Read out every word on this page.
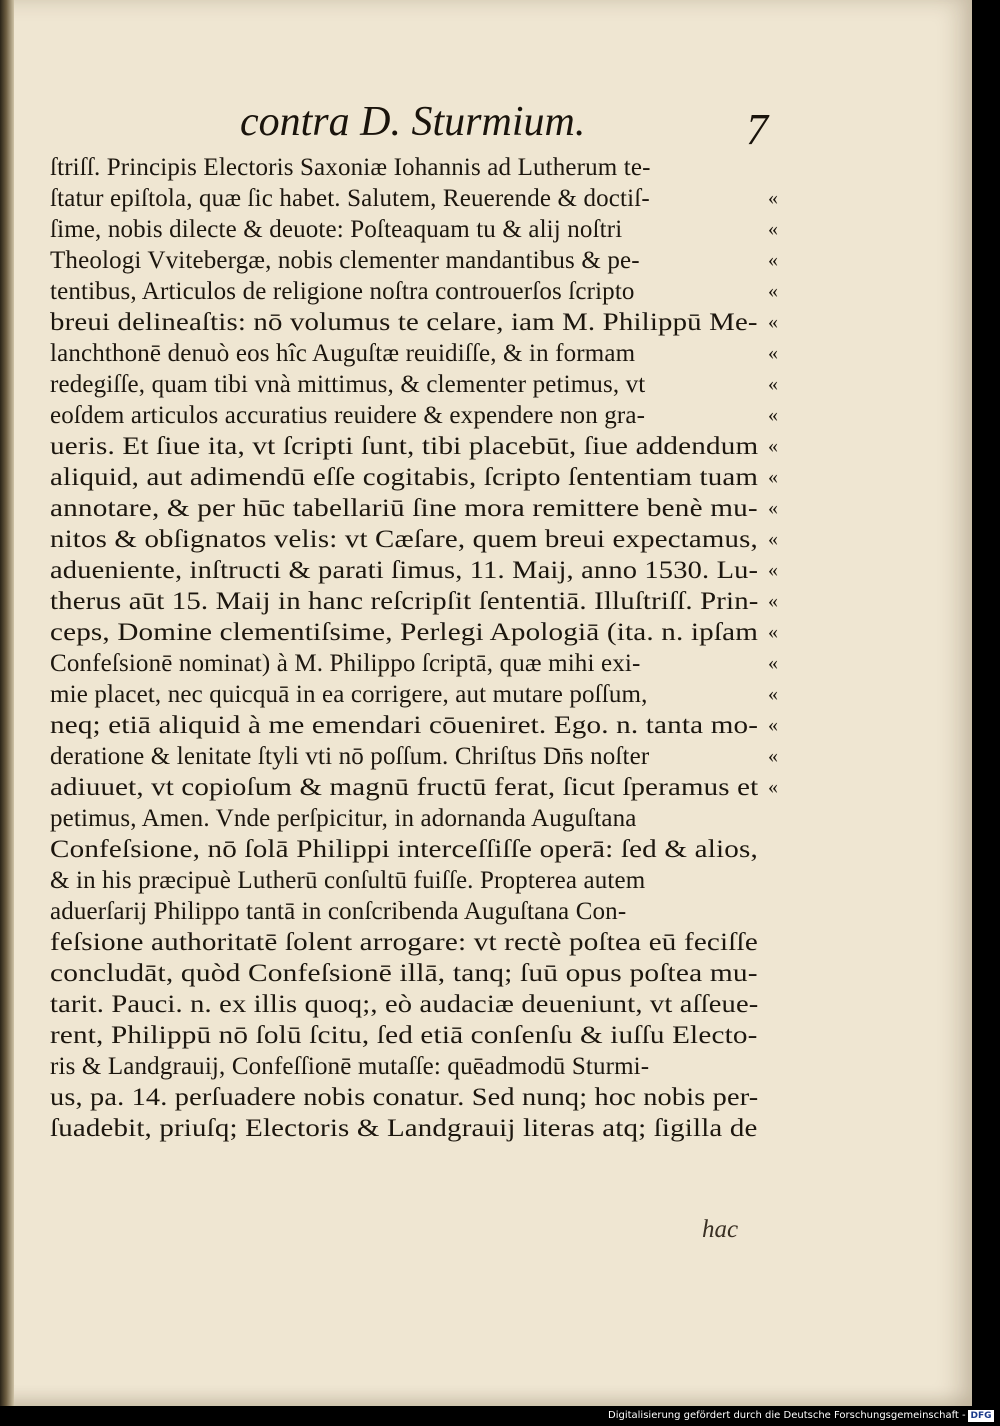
contra D. Sturmium.	7
ſtriſſ. Principis Electoris Saxoniæ Iohannis ad Lutherum te-
ſtatur epiſtola, quæ ſic habet. Salutem, Reuerende & doctiſ-	«
ſime, nobis dilecte & deuote: Poſteaquam tu & alij noſtri	«
Theologi Vvitebergæ, nobis clementer mandantibus & pe-	«
tentibus, Articulos de religione noſtra controuerſos ſcripto	«
breui delineaſtis: nō volumus te celare, iam M. Philippū Me- «
lanchthonē denuò eos hîc Auguſtæ reuidiſſe, & in formam	«
redegiſſe, quam tibi vnà mittimus, & clementer petimus, vt	«
eoſdem articulos accuratius reuidere & expendere non gra-	«
ueris. Et ſiue ita, vt ſcripti ſunt, tibi placebūt, ſiue addendum «
aliquid, aut adimendū eſſe cogitabis, ſcripto ſententiam tuam «
annotare, & per hūc tabellariū ſine mora remittere benè mu- «
nitos & obſignatos velis: vt Cæſare, quem breui expectamus, «
adueniente, inſtructi & parati ſimus, 11. Maij, anno 1530. Lu- «
therus aūt 15. Maij in hanc reſcripſit ſententiā. Illuſtriſſ. Prin- «
ceps, Domine clementiſsime, Perlegi Apologiā (ita. n. ipſam «
Confeſsionē nominat) à M. Philippo ſcriptā, quæ mihi exi-	«
mie placet, nec quicquā in ea corrigere, aut mutare poſſum,	«
neq; etiā aliquid à me emendari cōueniret. Ego. n. tanta mo- «
deratione & lenitate ſtyli vti nō poſſum. Chriſtus Dn̄s noſter	«
adiuuet, vt copioſum & magnū fructū ferat, ſicut ſperamus et «
petimus, Amen. Vnde perſpicitur, in adornanda Auguſtana
Confeſsione, nō ſolā Philippi interceſſiſſe operā: ſed & alios,
& in his præcipuè Lutherū conſultū fuiſſe. Propterea autem
aduerſarij Philippo tantā in conſcribenda Auguſtana Con-
feſsione authoritatē ſolent arrogare: vt rectè poſtea eū feciſſe
concludāt, quòd Confeſsionē illā, tanq; ſuū opus poſtea mu-
tarit. Pauci. n. ex illis quoq;, eò audaciæ deueniunt, vt aſſeue-
rent, Philippū nō ſolū ſcitu, ſed etiā conſenſu & iuſſu Electo-
ris & Landgrauij, Confeſſionē mutaſſe: quēadmodū Sturmi-
us, pa. 14. perſuadere nobis conatur. Sed nunq; hoc nobis per-
ſuadebit, priuſq; Electoris & Landgrauij literas atq; ſigilla de
hac
Digitalisierung gefördert durch die Deutsche Forschungsgemeinschaft - DFG
